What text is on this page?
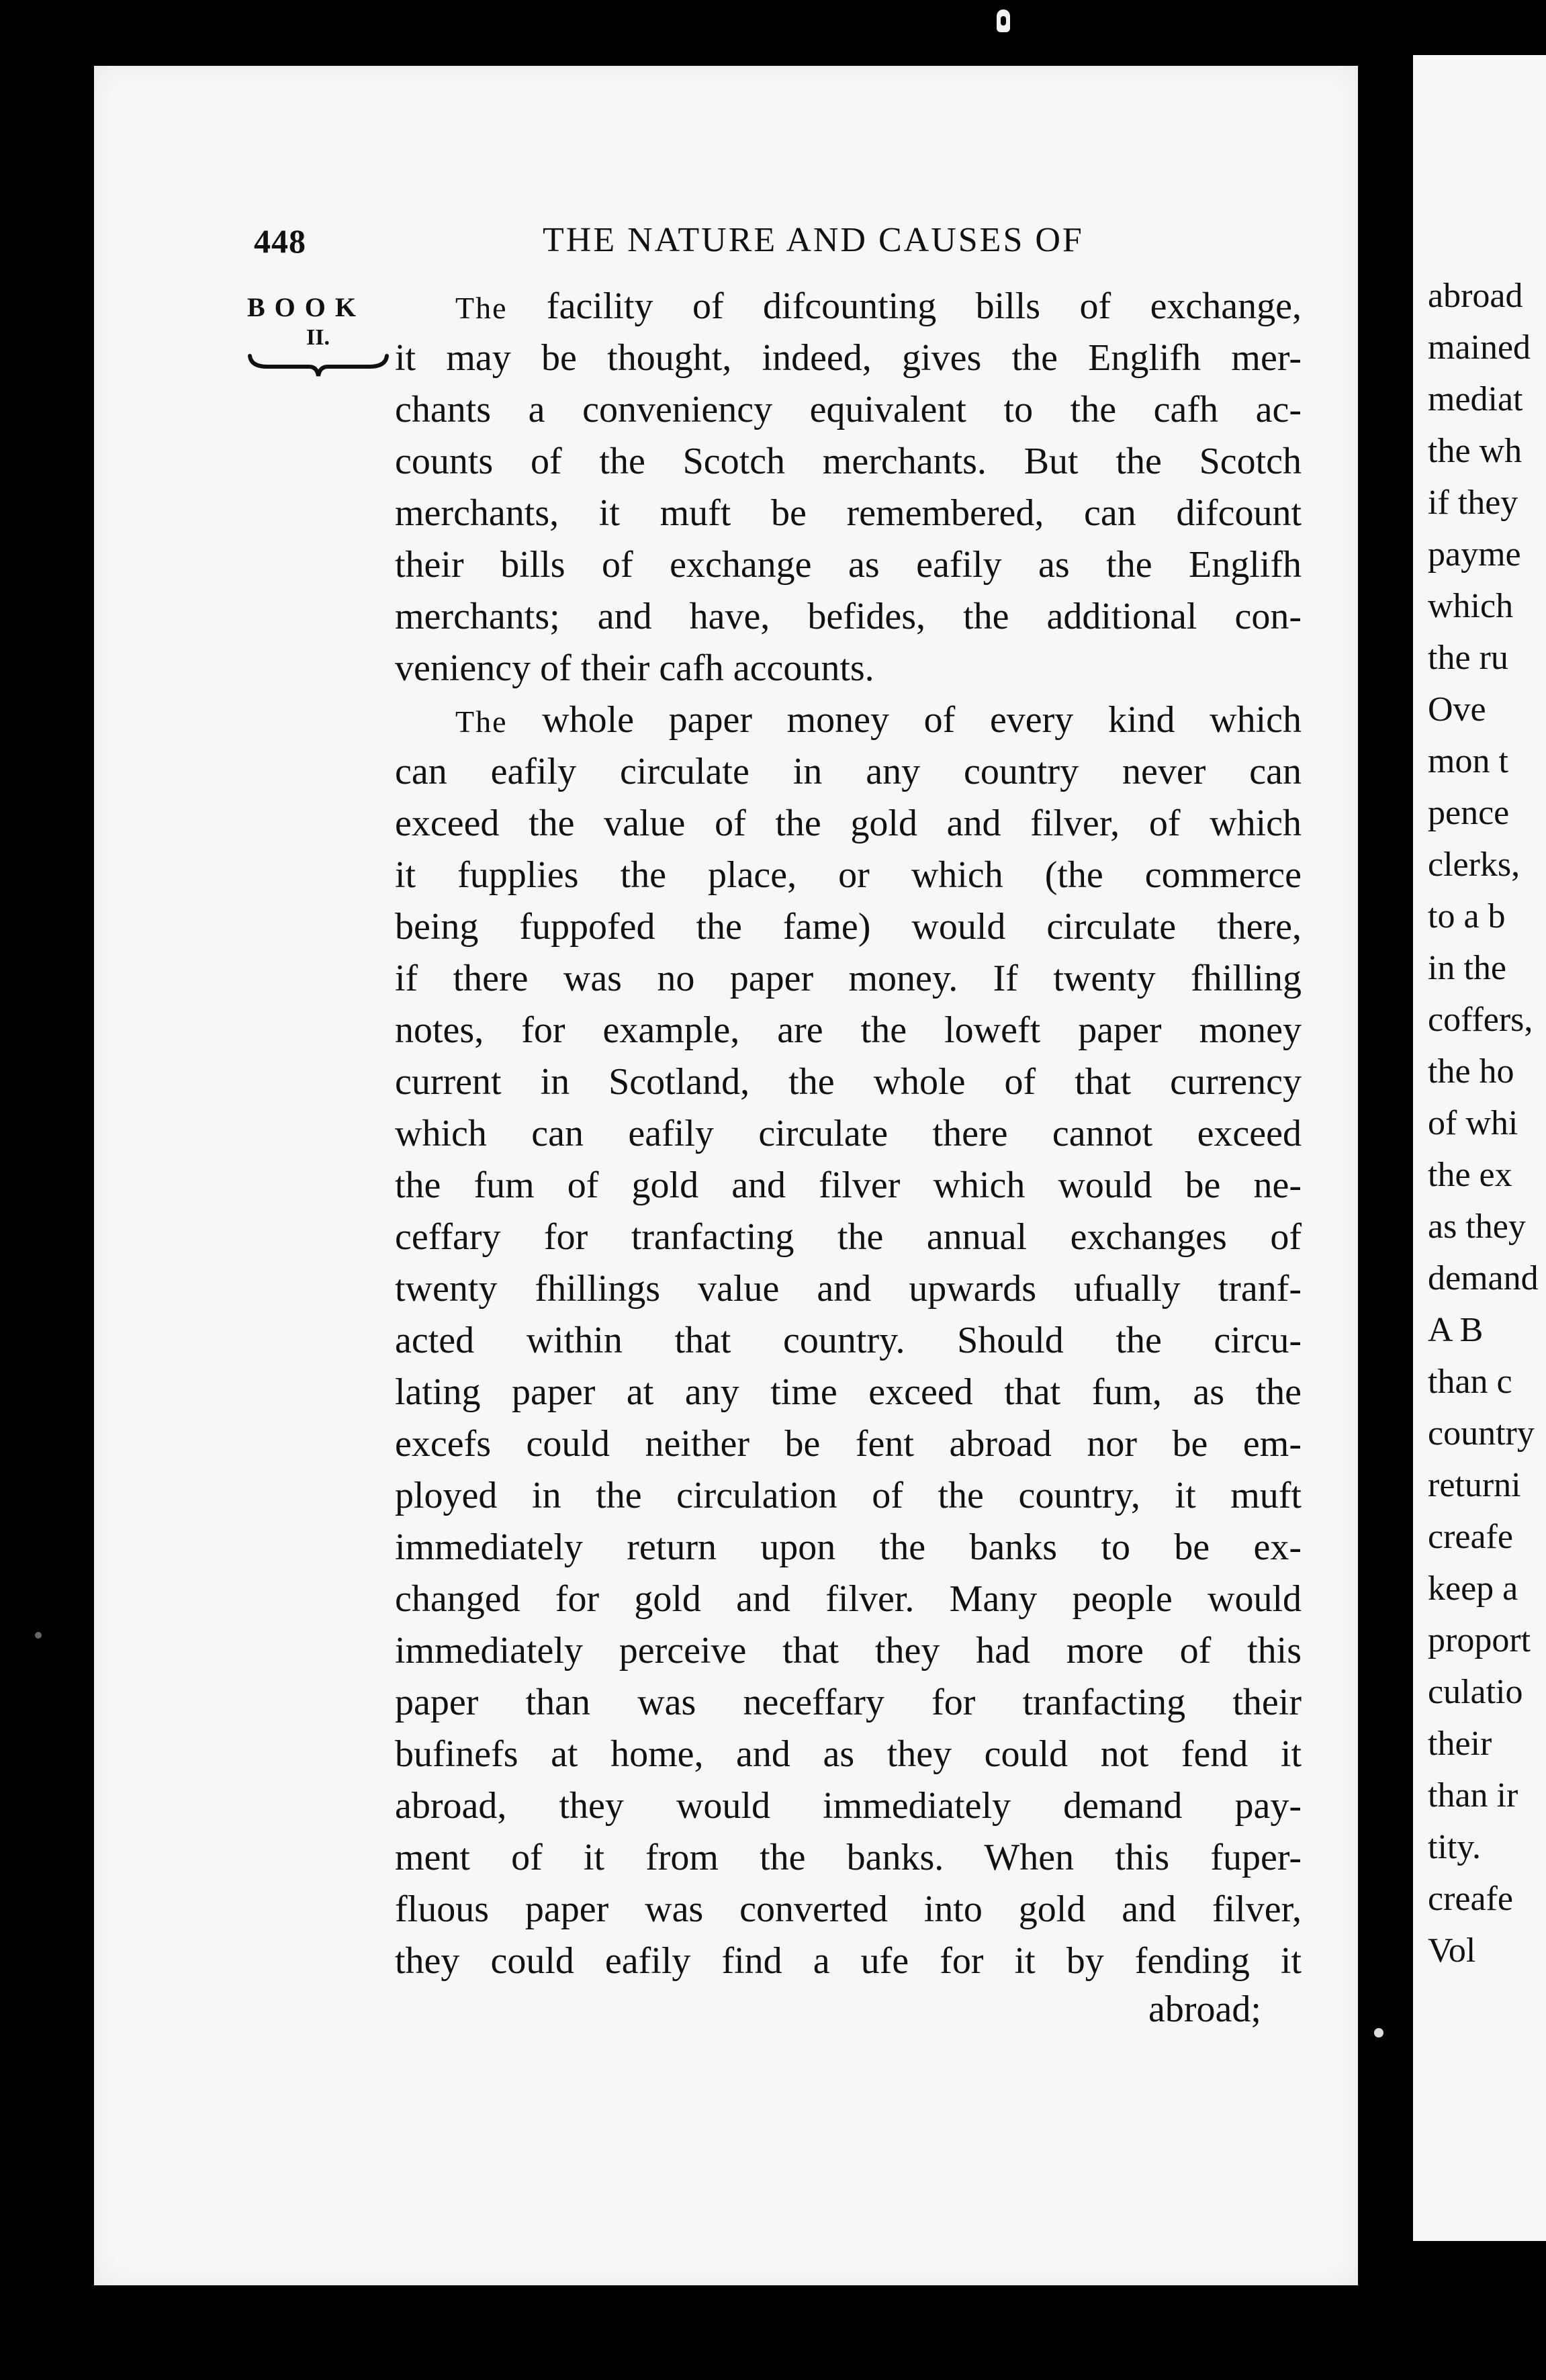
448	THE NATURE AND CAUSES OF
BOOK
II.
The facility of difcounting bills of exchange,
it may be thought, indeed, gives the Englifh mer-
chants a conveniency equivalent to the cafh ac-
counts of the Scotch merchants. But the Scotch
merchants, it muft be remembered, can difcount
their bills of exchange as eafily as the Englifh
merchants; and have, befides, the additional con-
veniency of their cafh accounts.
The whole paper money of every kind which
can eafily circulate in any country never can
exceed the value of the gold and filver, of which
it fupplies the place, or which (the commerce
being fuppofed the fame) would circulate there,
if there was no paper money. If twenty fhilling
notes, for example, are the loweft paper money
current in Scotland, the whole of that currency
which can eafily circulate there cannot exceed
the fum of gold and filver which would be ne-
ceffary for tranfacting the annual exchanges of
twenty fhillings value and upwards ufually tranf-
acted within that country. Should the circu-
lating paper at any time exceed that fum, as the
excefs could neither be fent abroad nor be em-
ployed in the circulation of the country, it muft
immediately return upon the banks to be ex-
changed for gold and filver. Many people would
immediately perceive that they had more of this
paper than was neceffary for tranfacting their
bufinefs at home, and as they could not fend it
abroad, they would immediately demand pay-
ment of it from the banks. When this fuper-
fluous paper was converted into gold and filver,
they could eafily find a ufe for it by fending it
abroad;
abroad
mained
mediat
the wh
if they
payme
which
the ru
Ove
mon t
pence
clerks,
to a b
in the
coffers,
the ho
of whi
the ex
as they
demand
A B
than c
country
returni
creafe
keep a
proport
culatio
their
than ir
tity.
creafe
Vol
